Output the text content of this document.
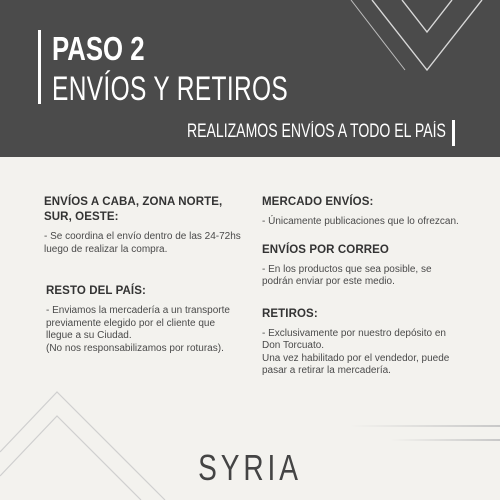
PASO 2
ENVÍOS Y RETIROS
REALIZAMOS ENVÍOS A TODO EL PAÍS
ENVÍOS A CABA, ZONA NORTE, SUR, OESTE:

- Se coordina el envío dentro de las 24-72hs luego de realizar la compra.

RESTO DEL PAÍS:

- Enviamos la mercadería a un transporte previamente elegido por el cliente que llegue a su Ciudad.
(No nos responsabilizamos por roturas).

MERCADO ENVÍOS:

- Únicamente publicaciones que lo ofrezcan.

ENVÍOS POR CORREO

- En los productos que sea posible, se podrán enviar por este medio.

RETIROS:

- Exclusivamente por nuestro depósito en Don Torcuato.
Una vez habilitado por el vendedor, puede pasar a retirar la mercadería.

SYRIA
